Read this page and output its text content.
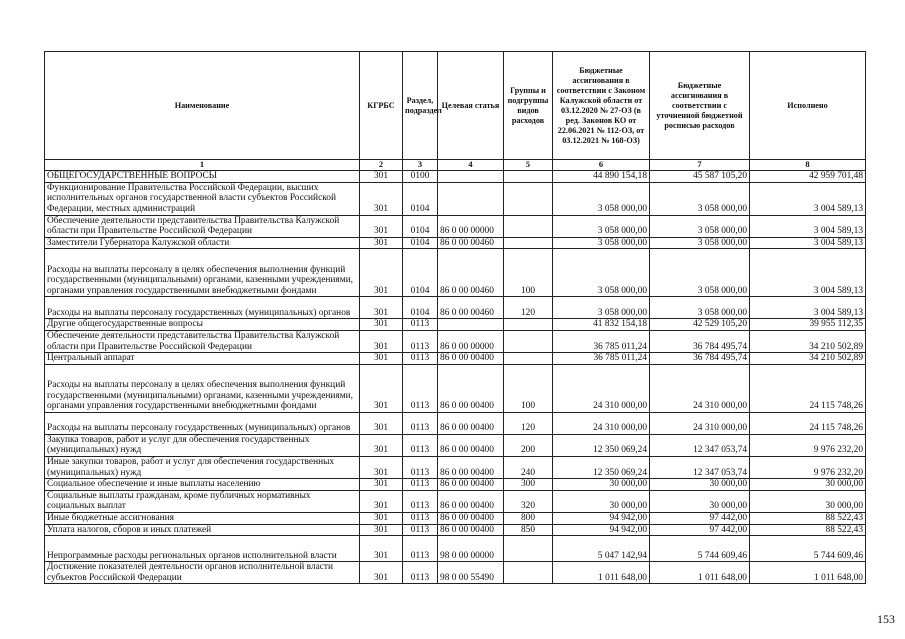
Наименование	КГРБС	Раздел, подраздел	Целевая статья	Группы и подгруппы видов расходов	Бюджетные ассигнования в соответствии с Законом Калужской области от 03.12.2020 № 27-ОЗ (в ред. Законов КО от 22.06.2021 № 112-ОЗ, от 03.12.2021 № 168-ОЗ)	Бюджетные ассигнования в соответствии с уточненной бюджетной росписью расходов	Исполнено
1	2	3	4	5	6	7	8
ОБЩЕГОСУДАРСТВЕННЫЕ ВОПРОСЫ	301	0100			44 890 154,18	45 587 105,20	42 959 701,48
Функционирование Правительства Российской Федерации, высших исполнительных органов государственной власти субъектов Российской Федерации, местных администраций	301	0104			3 058 000,00	3 058 000,00	3 004 589,13
Обеспечение деятельности представительства Правительства Калужской области при Правительстве Российской Федерации	301	0104	86 0 00 00000		3 058 000,00	3 058 000,00	3 004 589,13
Заместители Губернатора Калужской области	301	0104	86 0 00 00460		3 058 000,00	3 058 000,00	3 004 589,13
Расходы на выплаты персоналу в целях обеспечения выполнения функций государственными (муниципальными) органами, казенными учреждениями, органами управления государственными внебюджетными фондами	301	0104	86 0 00 00460	100	3 058 000,00	3 058 000,00	3 004 589,13
Расходы на выплаты персоналу государственных (муниципальных) органов	301	0104	86 0 00 00460	120	3 058 000,00	3 058 000,00	3 004 589,13
Другие общегосударственные вопросы	301	0113			41 832 154,18	42 529 105,20	39 955 112,35
Обеспечение деятельности представительства Правительства Калужской области при Правительстве Российской Федерации	301	0113	86 0 00 00000		36 785 011,24	36 784 495,74	34 210 502,89
Центральный аппарат	301	0113	86 0 00 00400		36 785 011,24	36 784 495,74	34 210 502,89
Расходы на выплаты персоналу в целях обеспечения выполнения функций государственными (муниципальными) органами, казенными учреждениями, органами управления государственными внебюджетными фондами	301	0113	86 0 00 00400	100	24 310 000,00	24 310 000,00	24 115 748,26
Расходы на выплаты персоналу государственных (муниципальных) органов	301	0113	86 0 00 00400	120	24 310 000,00	24 310 000,00	24 115 748,26
Закупка товаров, работ и услуг для обеспечения государственных (муниципальных) нужд	301	0113	86 0 00 00400	200	12 350 069,24	12 347 053,74	9 976 232,20
Иные закупки товаров, работ и услуг для обеспечения государственных (муниципальных) нужд	301	0113	86 0 00 00400	240	12 350 069,24	12 347 053,74	9 976 232,20
Социальное обеспечение и иные выплаты населению	301	0113	86 0 00 00400	300	30 000,00	30 000,00	30 000,00
Социальные выплаты гражданам, кроме публичных нормативных социальных выплат	301	0113	86 0 00 00400	320	30 000,00	30 000,00	30 000,00
Иные бюджетные ассигнования	301	0113	86 0 00 00400	800	94 942,00	97 442,00	88 522,43
Уплата налогов, сборов и иных платежей	301	0113	86 0 00 00400	850	94 942,00	97 442,00	88 522,43
Непрограммные расходы региональных органов исполнительной власти	301	0113	98 0 00 00000		5 047 142,94	5 744 609,46	5 744 609,46
Достижение показателей деятельности органов исполнительной власти субъектов Российской Федерации	301	0113	98 0 00 55490		1 011 648,00	1 011 648,00	1 011 648,00
153
